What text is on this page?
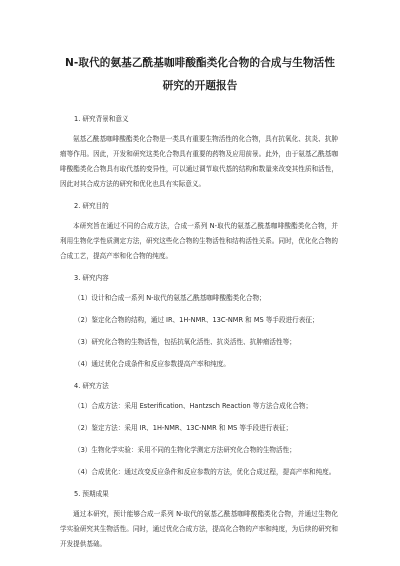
N-取代的氨基乙酰基咖啡酸酯类化合物的合成与生物活性
研究的开题报告
1. 研究背景和意义
氨基乙酰基咖啡酸酯类化合物是一类具有重要生物活性的化合物，具有抗氧化、抗炎、抗肿瘤等作用。因此，开发和研究这类化合物具有重要的药物及应用前景。此外，由于氨基乙酰基咖啡酸酯类化合物具有取代基的变异性，可以通过调节取代基的结构和数量来改变其性质和活性，因此对其合成方法的研究和优化也具有实际意义。
2. 研究目的
本研究旨在通过不同的合成方法，合成一系列 N-取代的氨基乙酰基咖啡酸酯类化合物，并利用生物化学性质测定方法，研究这些化合物的生物活性和结构活性关系。同时，优化化合物的合成工艺，提高产率和化合物的纯度。
3. 研究内容
（1）设计和合成一系列 N-取代的氨基乙酰基咖啡酸酯类化合物；
（2）鉴定化合物的结构，通过 IR、1H-NMR、13C-NMR 和 MS 等手段进行表征；
（3）研究化合物的生物活性，包括抗氧化活性、抗炎活性、抗肿瘤活性等；
（4）通过优化合成条件和反应参数提高产率和纯度。
4. 研究方法
（1）合成方法：采用 Esterification、Hantzsch Reaction 等方法合成化合物；
（2）鉴定方法：采用 IR、1H-NMR、13C-NMR 和 MS 等手段进行表征；
（3）生物化学实验：采用不同的生物化学测定方法研究化合物的生物活性；
（4）合成优化：通过改变反应条件和反应参数的方法，优化合成过程，提高产率和纯度。
5. 预期成果
通过本研究，预计能够合成一系列 N-取代的氨基乙酰基咖啡酸酯类化合物，并通过生物化学实验研究其生物活性。同时，通过优化合成方法，提高化合物的产率和纯度，为后续的研究和开发提供基础。
